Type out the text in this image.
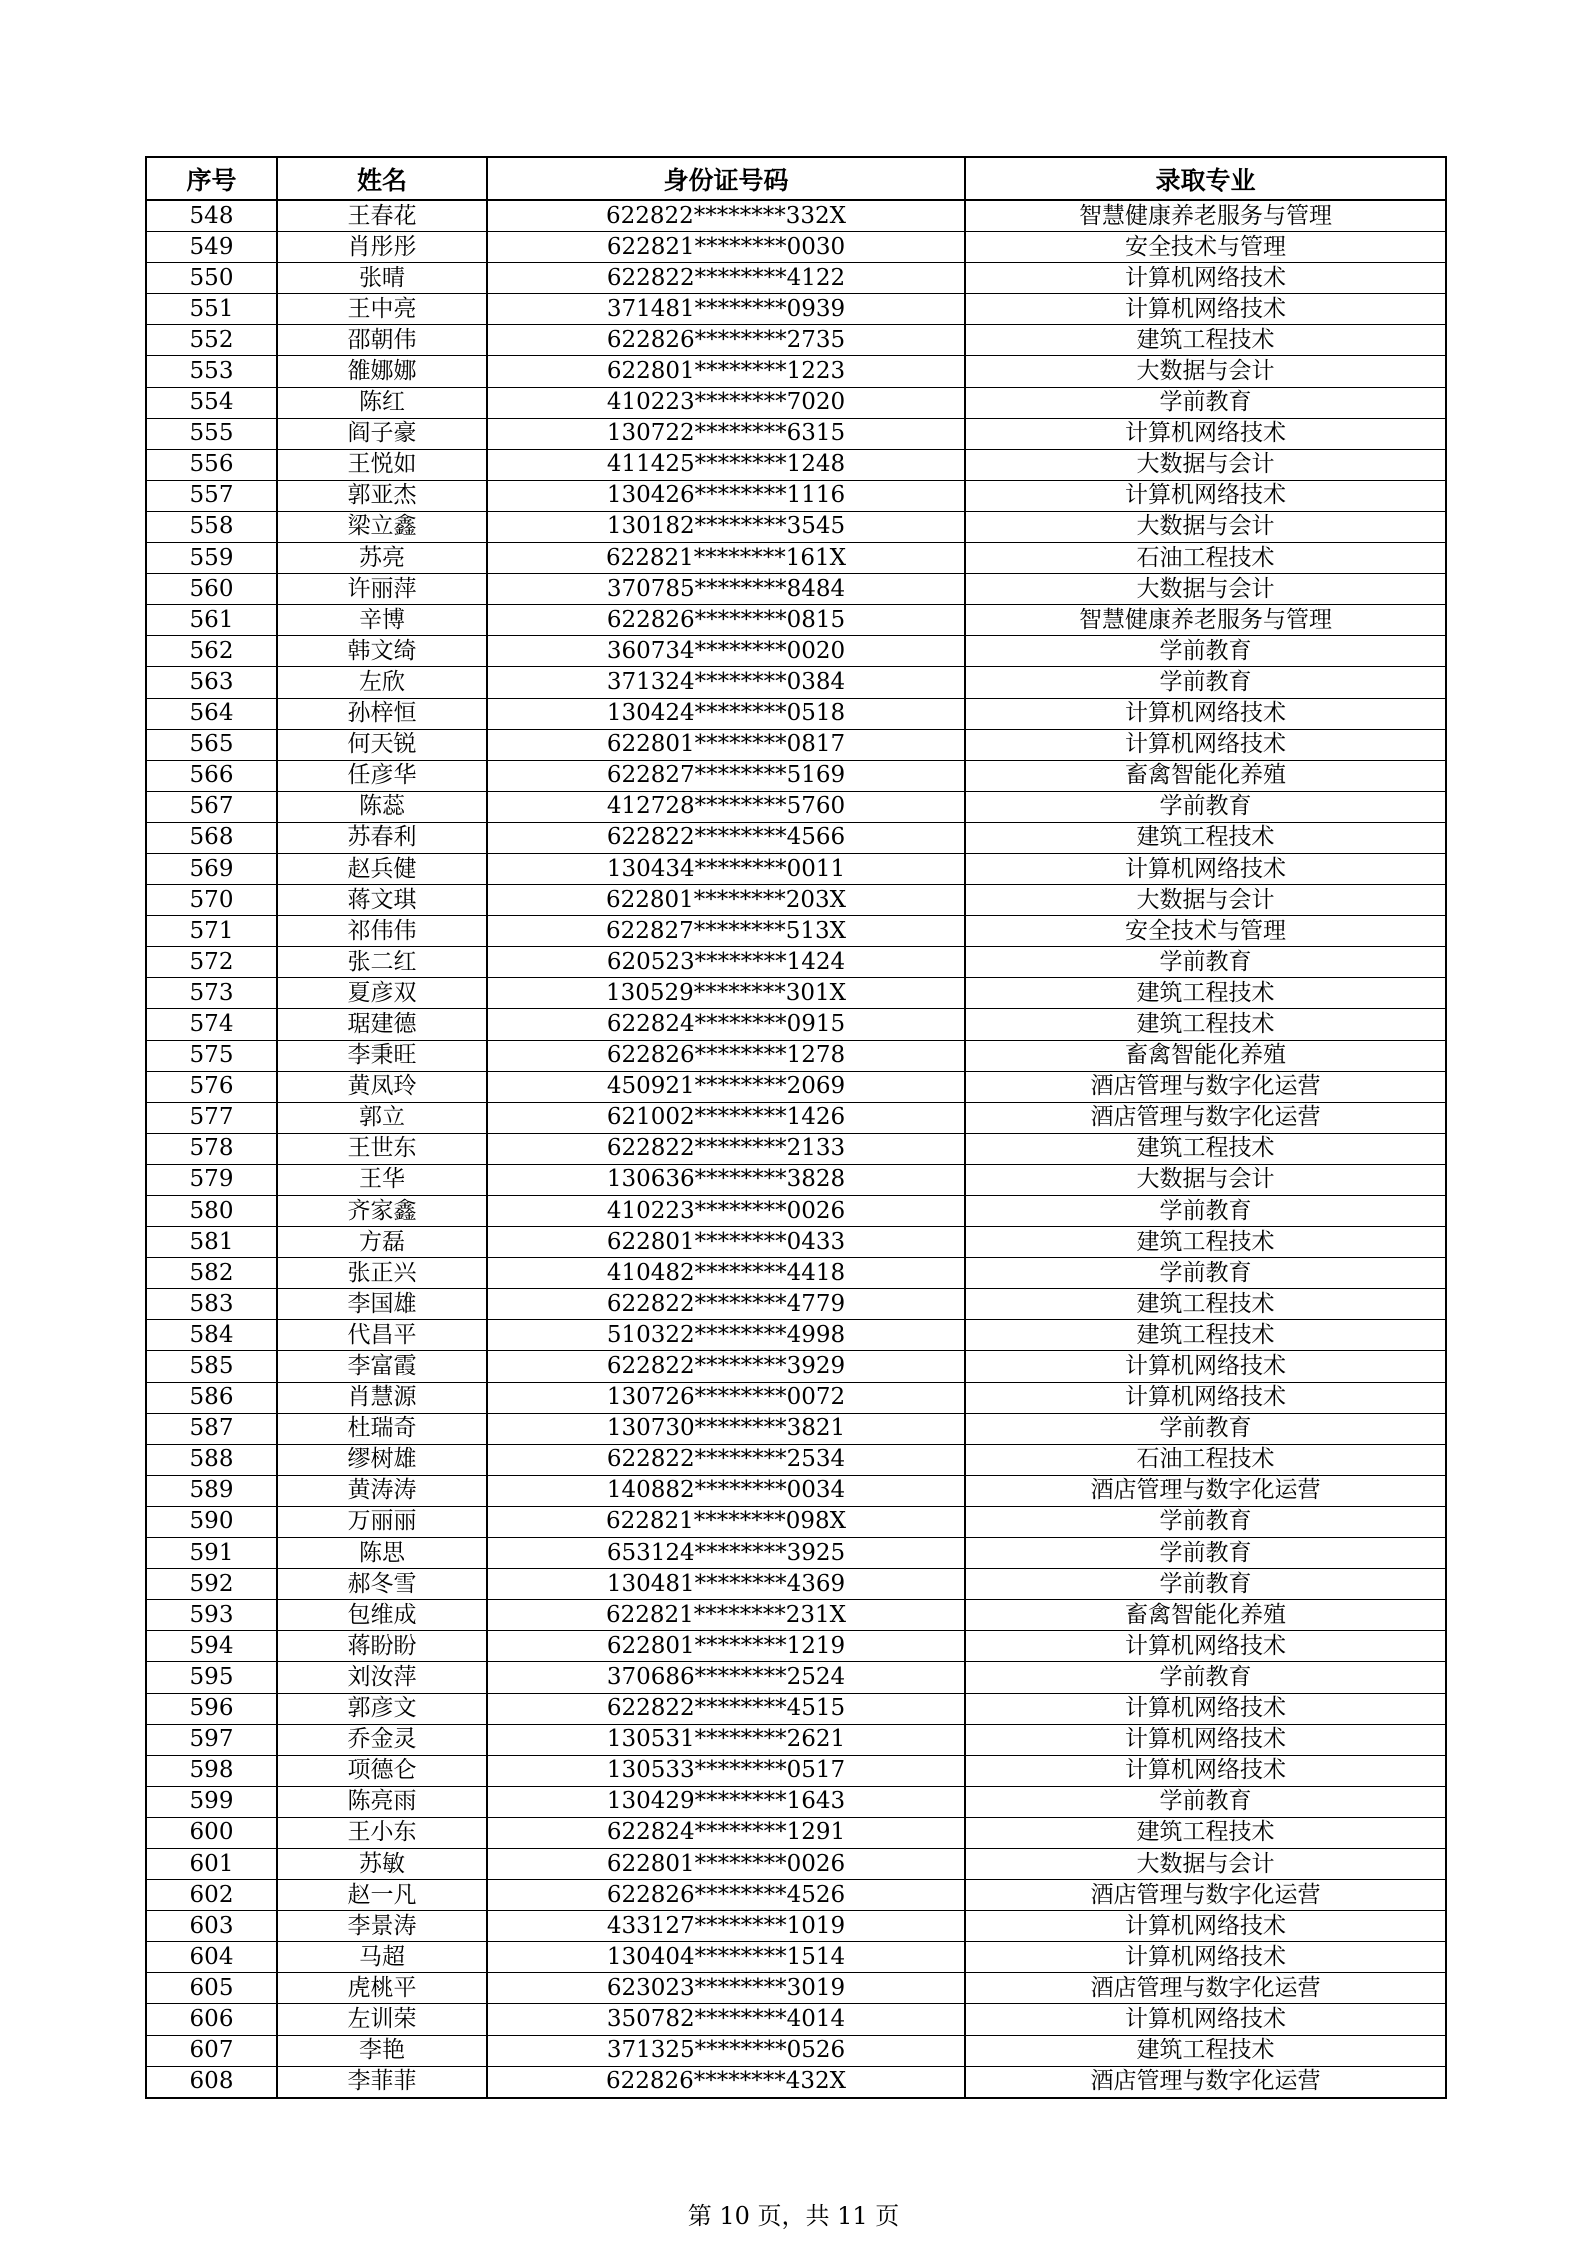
序号	姓名	身份证号码	录取专业
548	王春花	622822********332X	智慧健康养老服务与管理
549	肖彤彤	622821********0030	安全技术与管理
550	张晴	622822********4122	计算机网络技术
551	王中亮	371481********0939	计算机网络技术
552	邵朝伟	622826********2735	建筑工程技术
553	雒娜娜	622801********1223	大数据与会计
554	陈红	410223********7020	学前教育
555	阎子豪	130722********6315	计算机网络技术
556	王悦如	411425********1248	大数据与会计
557	郭亚杰	130426********1116	计算机网络技术
558	梁立鑫	130182********3545	大数据与会计
559	苏亮	622821********161X	石油工程技术
560	许丽萍	370785********8484	大数据与会计
561	辛博	622826********0815	智慧健康养老服务与管理
562	韩文绮	360734********0020	学前教育
563	左欣	371324********0384	学前教育
564	孙梓恒	130424********0518	计算机网络技术
565	何天锐	622801********0817	计算机网络技术
566	任彦华	622827********5169	畜禽智能化养殖
567	陈蕊	412728********5760	学前教育
568	苏春利	622822********4566	建筑工程技术
569	赵兵健	130434********0011	计算机网络技术
570	蒋文琪	622801********203X	大数据与会计
571	祁伟伟	622827********513X	安全技术与管理
572	张二红	620523********1424	学前教育
573	夏彦双	130529********301X	建筑工程技术
574	琚建德	622824********0915	建筑工程技术
575	李秉旺	622826********1278	畜禽智能化养殖
576	黄凤玲	450921********2069	酒店管理与数字化运营
577	郭立	621002********1426	酒店管理与数字化运营
578	王世东	622822********2133	建筑工程技术
579	王华	130636********3828	大数据与会计
580	齐家鑫	410223********0026	学前教育
581	方磊	622801********0433	建筑工程技术
582	张正兴	410482********4418	学前教育
583	李国雄	622822********4779	建筑工程技术
584	代昌平	510322********4998	建筑工程技术
585	李富霞	622822********3929	计算机网络技术
586	肖慧源	130726********0072	计算机网络技术
587	杜瑞奇	130730********3821	学前教育
588	缪树雄	622822********2534	石油工程技术
589	黄涛涛	140882********0034	酒店管理与数字化运营
590	万丽丽	622821********098X	学前教育
591	陈思	653124********3925	学前教育
592	郝冬雪	130481********4369	学前教育
593	包维成	622821********231X	畜禽智能化养殖
594	蒋盼盼	622801********1219	计算机网络技术
595	刘汝萍	370686********2524	学前教育
596	郭彦文	622822********4515	计算机网络技术
597	乔金灵	130531********2621	计算机网络技术
598	项德仑	130533********0517	计算机网络技术
599	陈亮雨	130429********1643	学前教育
600	王小东	622824********1291	建筑工程技术
601	苏敏	622801********0026	大数据与会计
602	赵一凡	622826********4526	酒店管理与数字化运营
603	李景涛	433127********1019	计算机网络技术
604	马超	130404********1514	计算机网络技术
605	虎桃平	623023********3019	酒店管理与数字化运营
606	左训荣	350782********4014	计算机网络技术
607	李艳	371325********0526	建筑工程技术
608	李菲菲	622826********432X	酒店管理与数字化运营
第 10 页，共 11 页
